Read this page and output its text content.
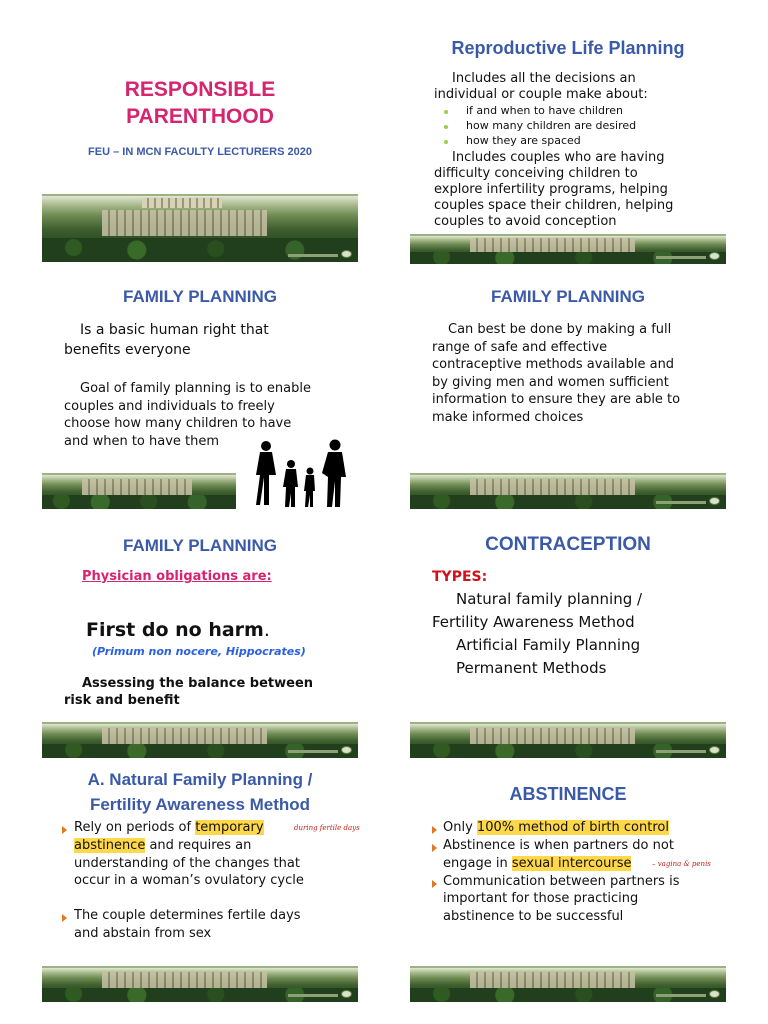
RESPONSIBLE
PARENTHOOD
FEU – IN MCN FACULTY LECTURERS 2020
Reproductive Life Planning
Includes all the decisions an
individual or couple make about:
if and when to have children
how many children are desired
how they are spaced
Includes couples who are having
difficulty conceiving children to
explore infertility programs, helping
couples space their children, helping
couples to avoid conception
FAMILY PLANNING
Is a basic human right that
benefits everyone
Goal of family planning is to enable
couples and individuals to freely
choose how many children to have
and when to have them
FAMILY PLANNING
Can best be done by making a full
range of safe and effective
contraceptive methods available and
by giving men and women sufficient
information to ensure they are able to
make informed choices
FAMILY PLANNING
Physician obligations are:
First do no harm.
(Primum non nocere, Hippocrates)
Assessing the balance between
risk and benefit
CONTRACEPTION
TYPES:
Natural family planning /
Fertility Awareness Method
Artificial Family Planning
Permanent Methods
A. Natural Family Planning /
Fertility Awareness Method
Rely on periods of temporary	during fertile days
abstinence and requires an
understanding of the changes that
occur in a woman’s ovulatory cycle
The couple determines fertile days
and abstain from sex
ABSTINENCE
Only 100% method of birth control
Abstinence is when partners do not
engage in sexual intercourse	– vagina & penis
Communication between partners is
important for those practicing
abstinence to be successful
